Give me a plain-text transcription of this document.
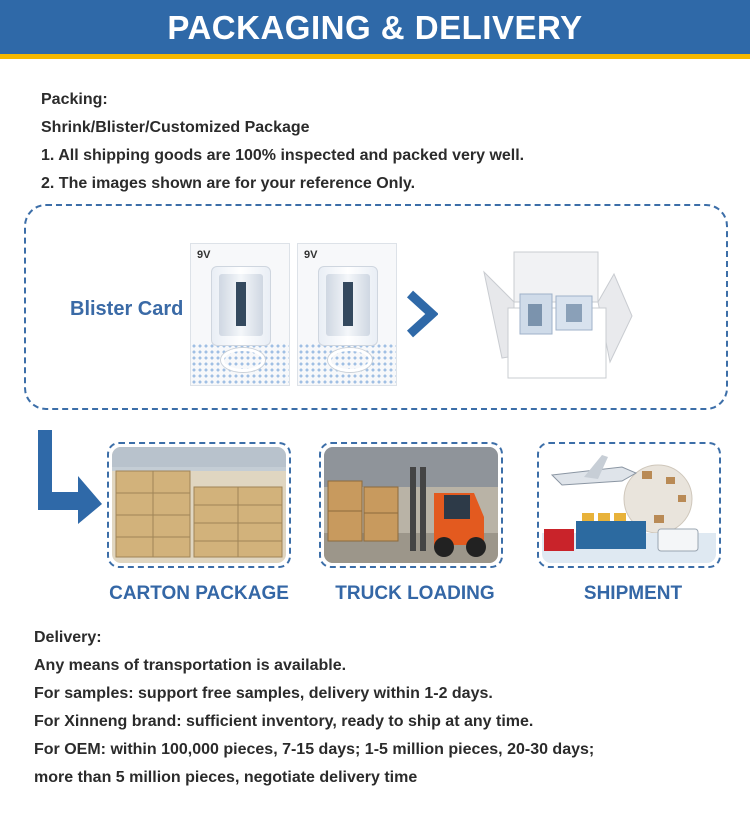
PACKAGING & DELIVERY
Packing:
Shrink/Blister/Customized Package
1. All shipping goods are 100% inspected and packed very well.
2. The images shown are for your reference Only.
Blister Card
9V	9V
CARTON PACKAGE	TRUCK LOADING	SHIPMENT
Delivery:
Any means of transportation is available.
For samples: support free samples, delivery within 1-2 days.
For Xinneng brand: sufficient inventory, ready to ship at any time.
For OEM: within 100,000 pieces, 7-15 days; 1-5 million pieces, 20-30 days;
more than 5 million pieces, negotiate delivery time
